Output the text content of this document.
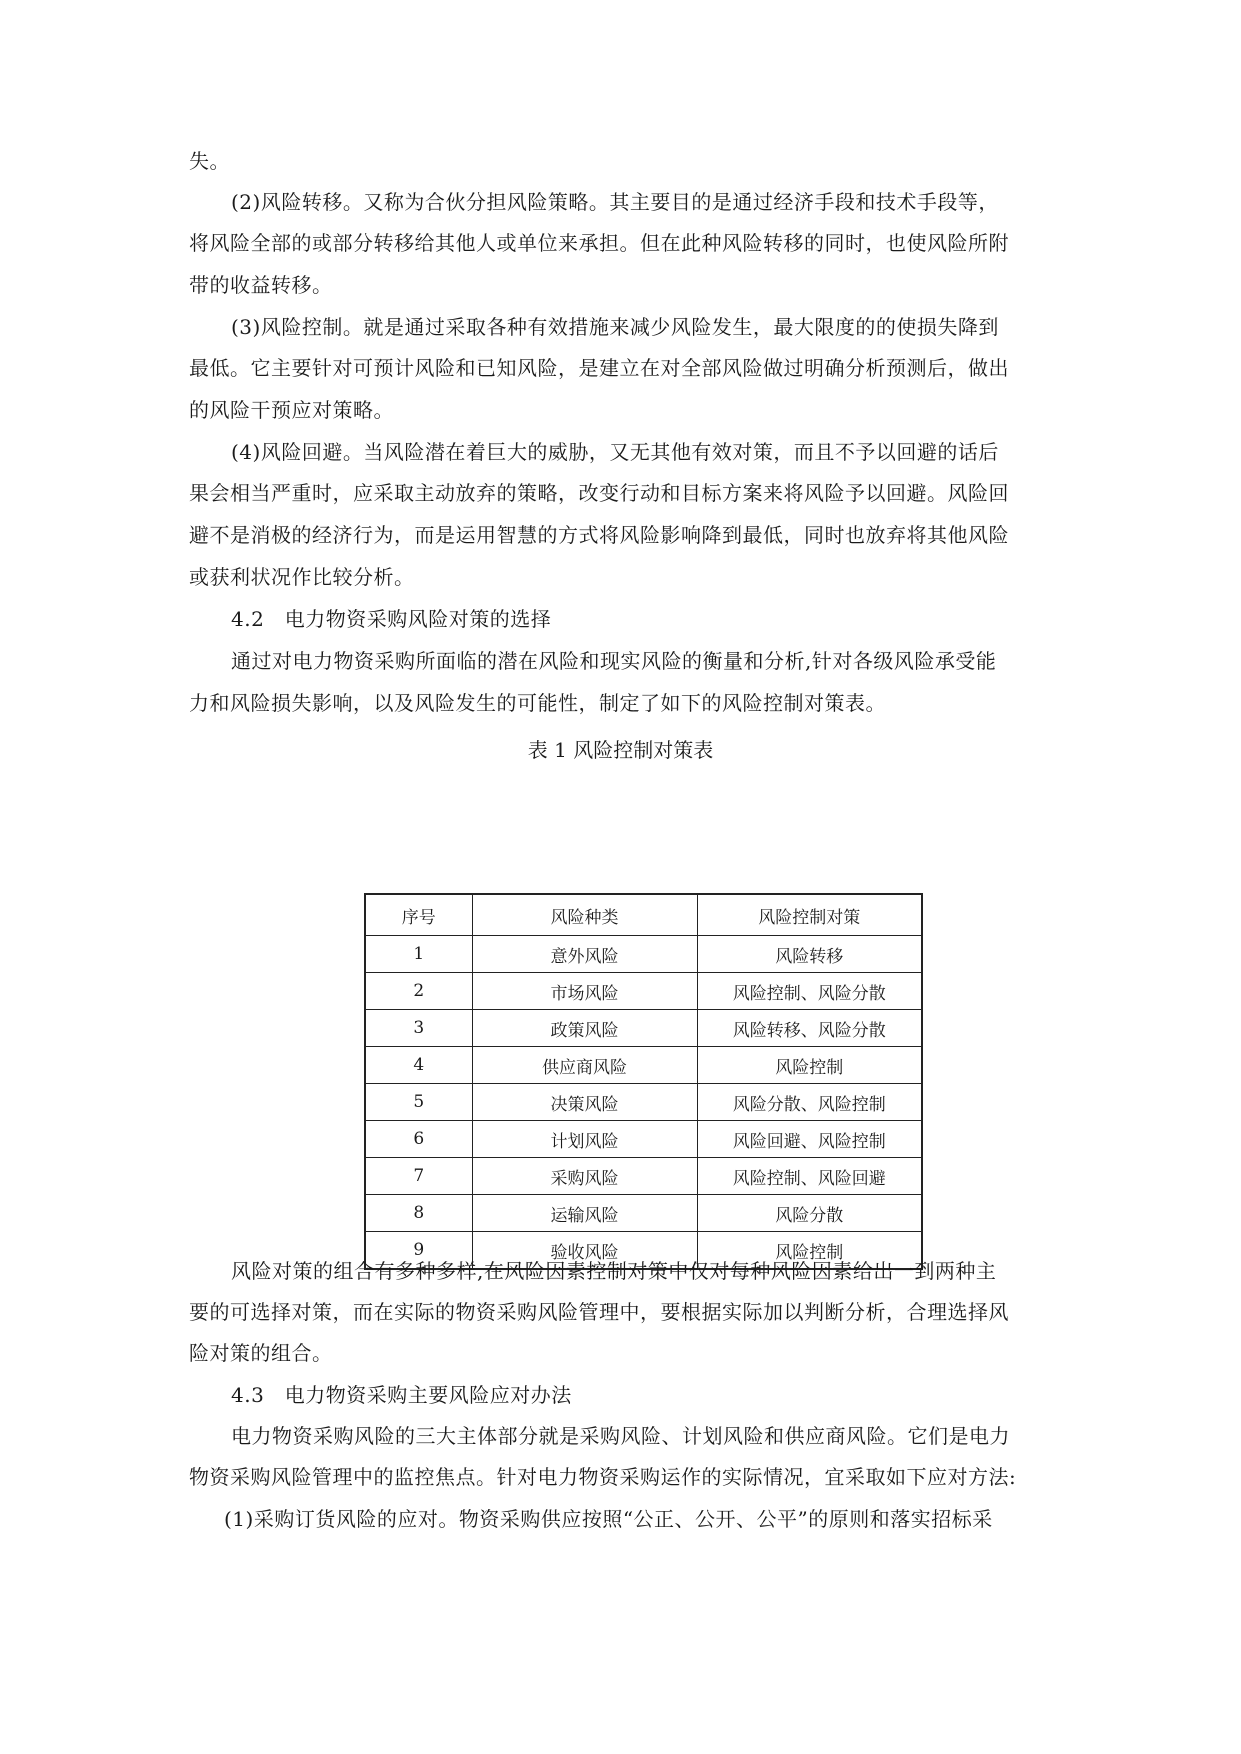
失。
(2)风险转移。又称为合伙分担风险策略。其主要目的是通过经济手段和技术手段等，
将风险全部的或部分转移给其他人或单位来承担。但在此种风险转移的同时，也使风险所附
带的收益转移。
(3)风险控制。就是通过采取各种有效措施来减少风险发生，最大限度的的使损失降到
最低。它主要针对可预计风险和已知风险，是建立在对全部风险做过明确分析预测后，做出
的风险干预应对策略。
(4)风险回避。当风险潜在着巨大的威胁，又无其他有效对策，而且不予以回避的话后
果会相当严重时，应采取主动放弃的策略，改变行动和目标方案来将风险予以回避。风险回
避不是消极的经济行为，而是运用智慧的方式将风险影响降到最低，同时也放弃将其他风险
或获利状况作比较分析。
4.2　电力物资采购风险对策的选择
通过对电力物资采购所面临的潜在风险和现实风险的衡量和分析,针对各级风险承受能
力和风险损失影响，以及风险发生的可能性，制定了如下的风险控制对策表。
表 1 风险控制对策表
序号	风险种类	风险控制对策
1	意外风险	风险转移
2	市场风险	风险控制、风险分散
3	政策风险	风险转移、风险分散
4	供应商风险	风险控制
5	决策风险	风险分散、风险控制
6	计划风险	风险回避、风险控制
7	采购风险	风险控制、风险回避
8	运输风险	风险分散
9	验收风险	风险控制
风险对策的组合有多种多样,在风险因素控制对策中仅对每种风险因素给出一到两种主
要的可选择对策，而在实际的物资采购风险管理中，要根据实际加以判断分析，合理选择风
险对策的组合。
4.3　电力物资采购主要风险应对办法
电力物资采购风险的三大主体部分就是采购风险、计划风险和供应商风险。它们是电力
物资采购风险管理中的监控焦点。针对电力物资采购运作的实际情况，宜采取如下应对方法:
(1)采购订货风险的应对。物资采购供应按照“公正、公开、公平”的原则和落实招标采
